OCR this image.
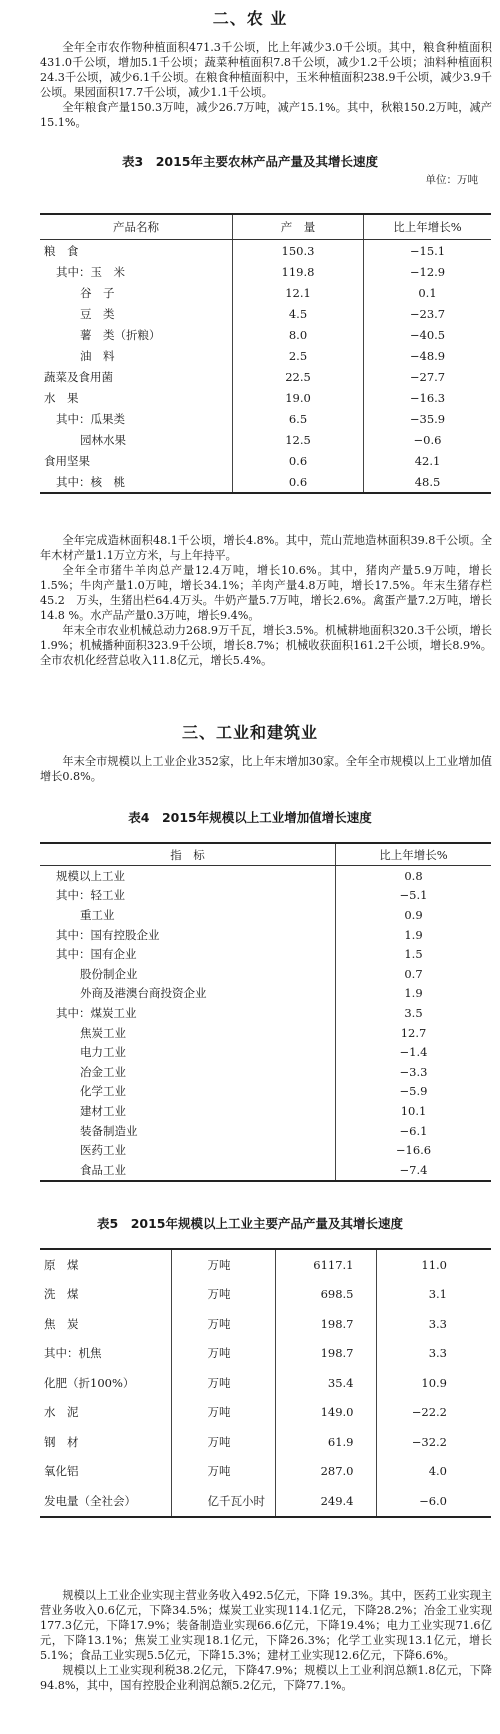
二、农 业

全年全市农作物种植面积471.3千公顷，比上年减少3.0千公顷。其中，粮食种植面积431.0千公顷，增加5.1千公顷；蔬菜种植面积7.8千公顷，减少1.2千公顷；油料种植面积24.3千公顷，减少6.1千公顷。在粮食种植面积中，玉米种植面积238.9千公顷，减少3.9千公顷。果园面积17.7千公顷，减少1.1千公顷。

全年粮食产量150.3万吨，减少26.7万吨，减产15.1%。其中，秋粮150.2万吨，减产15.1%。

表3　2015年主要农林产品产量及其增长速度
单位：万吨
产品名称	产　量	比上年增长%
粮　食	150.3	−15.1
其中：玉　米	119.8	−12.9
谷　子	12.1	0.1
豆　类	4.5	−23.7
薯　类（折粮）	8.0	−40.5
油　料	2.5	−48.9
蔬菜及食用菌	22.5	−27.7
水　果	19.0	−16.3
其中：瓜果类	6.5	−35.9
园林水果	12.5	−0.6
食用坚果	0.6	42.1
其中：核　桃	0.6	48.5

全年完成造林面积48.1千公顷，增长4.8%。其中，荒山荒地造林面积39.8千公顷。全年木材产量1.1万立方米，与上年持平。

全年全市猪牛羊肉总产量12.4万吨，增长10.6%。其中，猪肉产量5.9万吨，增长1.5%；牛肉产量1.0万吨，增长34.1%；羊肉产量4.8万吨，增长17.5%。年末生猪存栏45.2　万头，生猪出栏64.4万头。牛奶产量5.7万吨，增长2.6%。禽蛋产量7.2万吨，增长14.8 %。水产品产量0.3万吨，增长9.4%。

年末全市农业机械总动力268.9万千瓦，增长3.5%。机械耕地面积320.3千公顷，增长1.9%；机械播种面积323.9千公顷，增长8.7%；机械收获面积161.2千公顷，增长8.9%。全市农机化经营总收入11.8亿元，增长5.4%。

三、工业和建筑业

年末全市规模以上工业企业352家，比上年末增加30家。全年全市规模以上工业增加值增长0.8%。

表4　2015年规模以上工业增加值增长速度
指　标	比上年增长%
规模以上工业	0.8
其中：轻工业	−5.1
重工业	0.9
其中：国有控股企业	1.9
其中：国有企业	1.5
股份制企业	0.7
外商及港澳台商投资企业	1.9
其中：煤炭工业	3.5
焦炭工业	12.7
电力工业	−1.4
冶金工业	−3.3
化学工业	−5.9
建材工业	10.1
装备制造业	−6.1
医药工业	−16.6
食品工业	−7.4
表5　2015年规模以上工业主要产品产量及其增长速度
原　煤	万吨	6117.1	11.0
洗　煤	万吨	698.5	3.1
焦　炭	万吨	198.7	3.3
其中：机焦	万吨	198.7	3.3
化肥（折100%）	万吨	35.4	10.9
水　泥	万吨	149.0	−22.2
钢　材	万吨	61.9	−32.2
氧化铝	万吨	287.0	4.0
发电量（全社会）	亿千瓦小时	249.4	−6.0

规模以上工业企业实现主营业务收入492.5亿元，下降 19.3%。其中，医药工业实现主营业务收入0.6亿元，下降34.5%；煤炭工业实现114.1亿元，下降28.2%；冶金工业实现177.3亿元，下降17.9%；装备制造业实现66.6亿元，下降19.4%；电力工业实现71.6亿元，下降13.1%；焦炭工业实现18.1亿元，下降26.3%；化学工业实现13.1亿元，增长5.1%；食品工业实现5.5亿元，下降15.3%；建材工业实现12.6亿元，下降6.6%。

规模以上工业实现利税38.2亿元，下降47.9%；规模以上工业利润总额1.8亿元，下降94.8%，其中，国有控股企业利润总额5.2亿元，下降77.1%。
